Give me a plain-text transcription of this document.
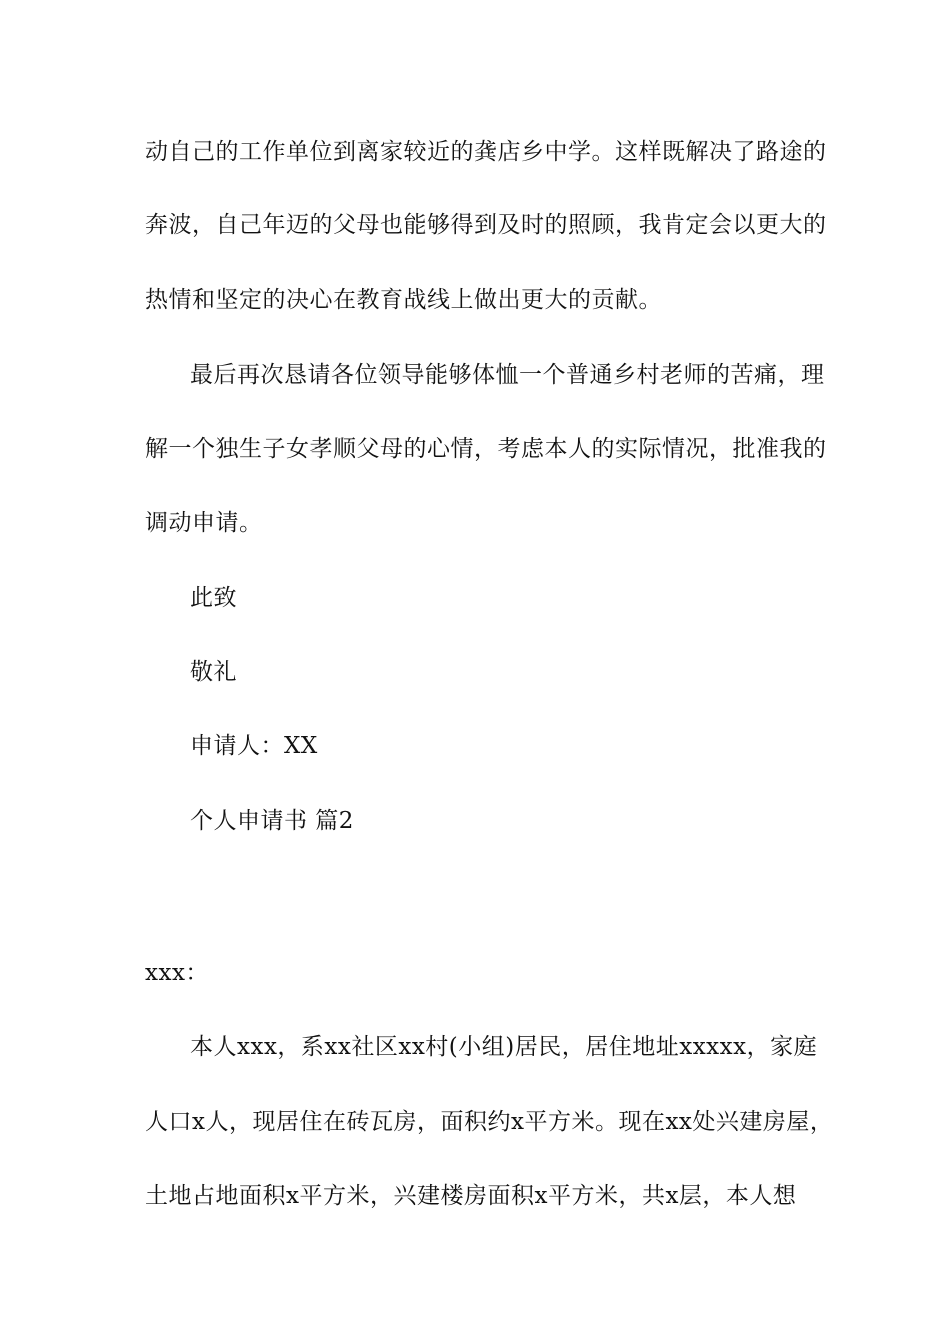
动自己的工作单位到离家较近的龚店乡中学。这样既解决了路途的
奔波，自己年迈的父母也能够得到及时的照顾，我肯定会以更大的
热情和坚定的决心在教育战线上做出更大的贡献。
最后再次恳请各位领导能够体恤一个普通乡村老师的苦痛，理
解一个独生子女孝顺父母的心情，考虑本人的实际情况，批准我的
调动申请。
此致
敬礼
申请人：XX
个人申请书 篇2
xxx：
本人xxx，系xx社区xx村(小组)居民，居住地址xxxxx，家庭
人口x人，现居住在砖瓦房，面积约x平方米。现在xx处兴建房屋，
土地占地面积x平方米，兴建楼房面积x平方米，共x层，本人想
